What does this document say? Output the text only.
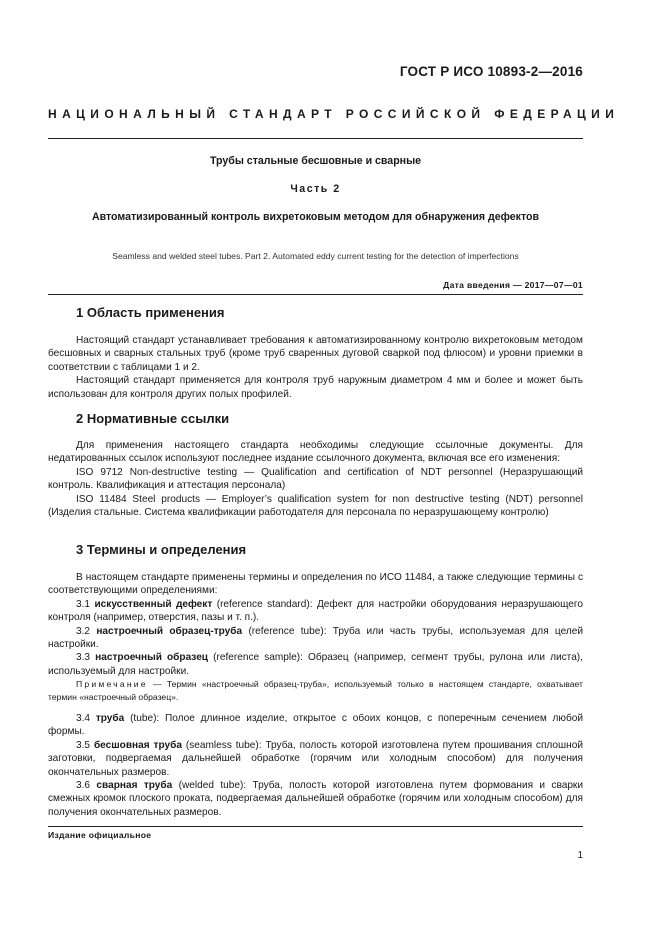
ГОСТ Р ИСО 10893-2—2016
НАЦИОНАЛЬНЫЙ СТАНДАРТ РОССИЙСКОЙ ФЕДЕРАЦИИ
Трубы стальные бесшовные и сварные
Часть 2
Автоматизированный контроль вихретоковым методом для обнаружения дефектов
Seamless and welded steel tubes. Part 2. Automated eddy current testing for the detection of imperfections
Дата введения — 2017—07—01
1 Область применения

Настоящий стандарт устанавливает требования к автоматизированному контролю вихретоковым методом бесшовных и сварных стальных труб (кроме труб сваренных дуговой сваркой под флюсом) и уровни приемки в соответствии с таблицами 1 и 2.

Настоящий стандарт применяется для контроля труб наружным диаметром 4 мм и более и может быть использован для контроля других полых профилей.

2 Нормативные ссылки

Для применения настоящего стандарта необходимы следующие ссылочные документы. Для недатированных ссылок используют последнее издание ссылочного документа, включая все его изменения:

ISO 9712 Non-destructive testing — Qualification and certification of NDT personnel (Неразрушающий контроль. Квалификация и аттестация персонала)

ISO 11484 Steel products — Employer’s qualification system for non destructive testing (NDT) personnel (Изделия стальные. Система квалификации работодателя для персонала по неразрушающему контролю)

3 Термины и определения

В настоящем стандарте применены термины и определения по ИСО 11484, а также следующие термины с соответствующими определениями:

3.1 искусственный дефект (reference standard): Дефект для настройки оборудования неразрушающего контроля (например, отверстия, пазы и т. п.).

3.2 настроечный образец-труба (reference tube): Труба или часть трубы, используемая для целей настройки.

3.3 настроечный образец (reference sample): Образец (например, сегмент трубы, рулона или листа), используемый для настройки.

Примечание — Термин «настроечный образец-труба», используемый только в настоящем стандарте, охватывает термин «настроечный образец».

3.4 труба (tube): Полое длинное изделие, открытое с обоих концов, с поперечным сечением любой формы.

3.5 бесшовная труба (seamless tube): Труба, полость которой изготовлена путем прошивания сплошной заготовки, подвергаемая дальнейшей обработке (горячим или холодным способом) для получения окончательных размеров.

3.6 сварная труба (welded tube): Труба, полость которой изготовлена путем формования и сварки смежных кромок плоского проката, подвергаемая дальнейшей обработке (горячим или холодным способом) для получения окончательных размеров.

Издание официальное
1
